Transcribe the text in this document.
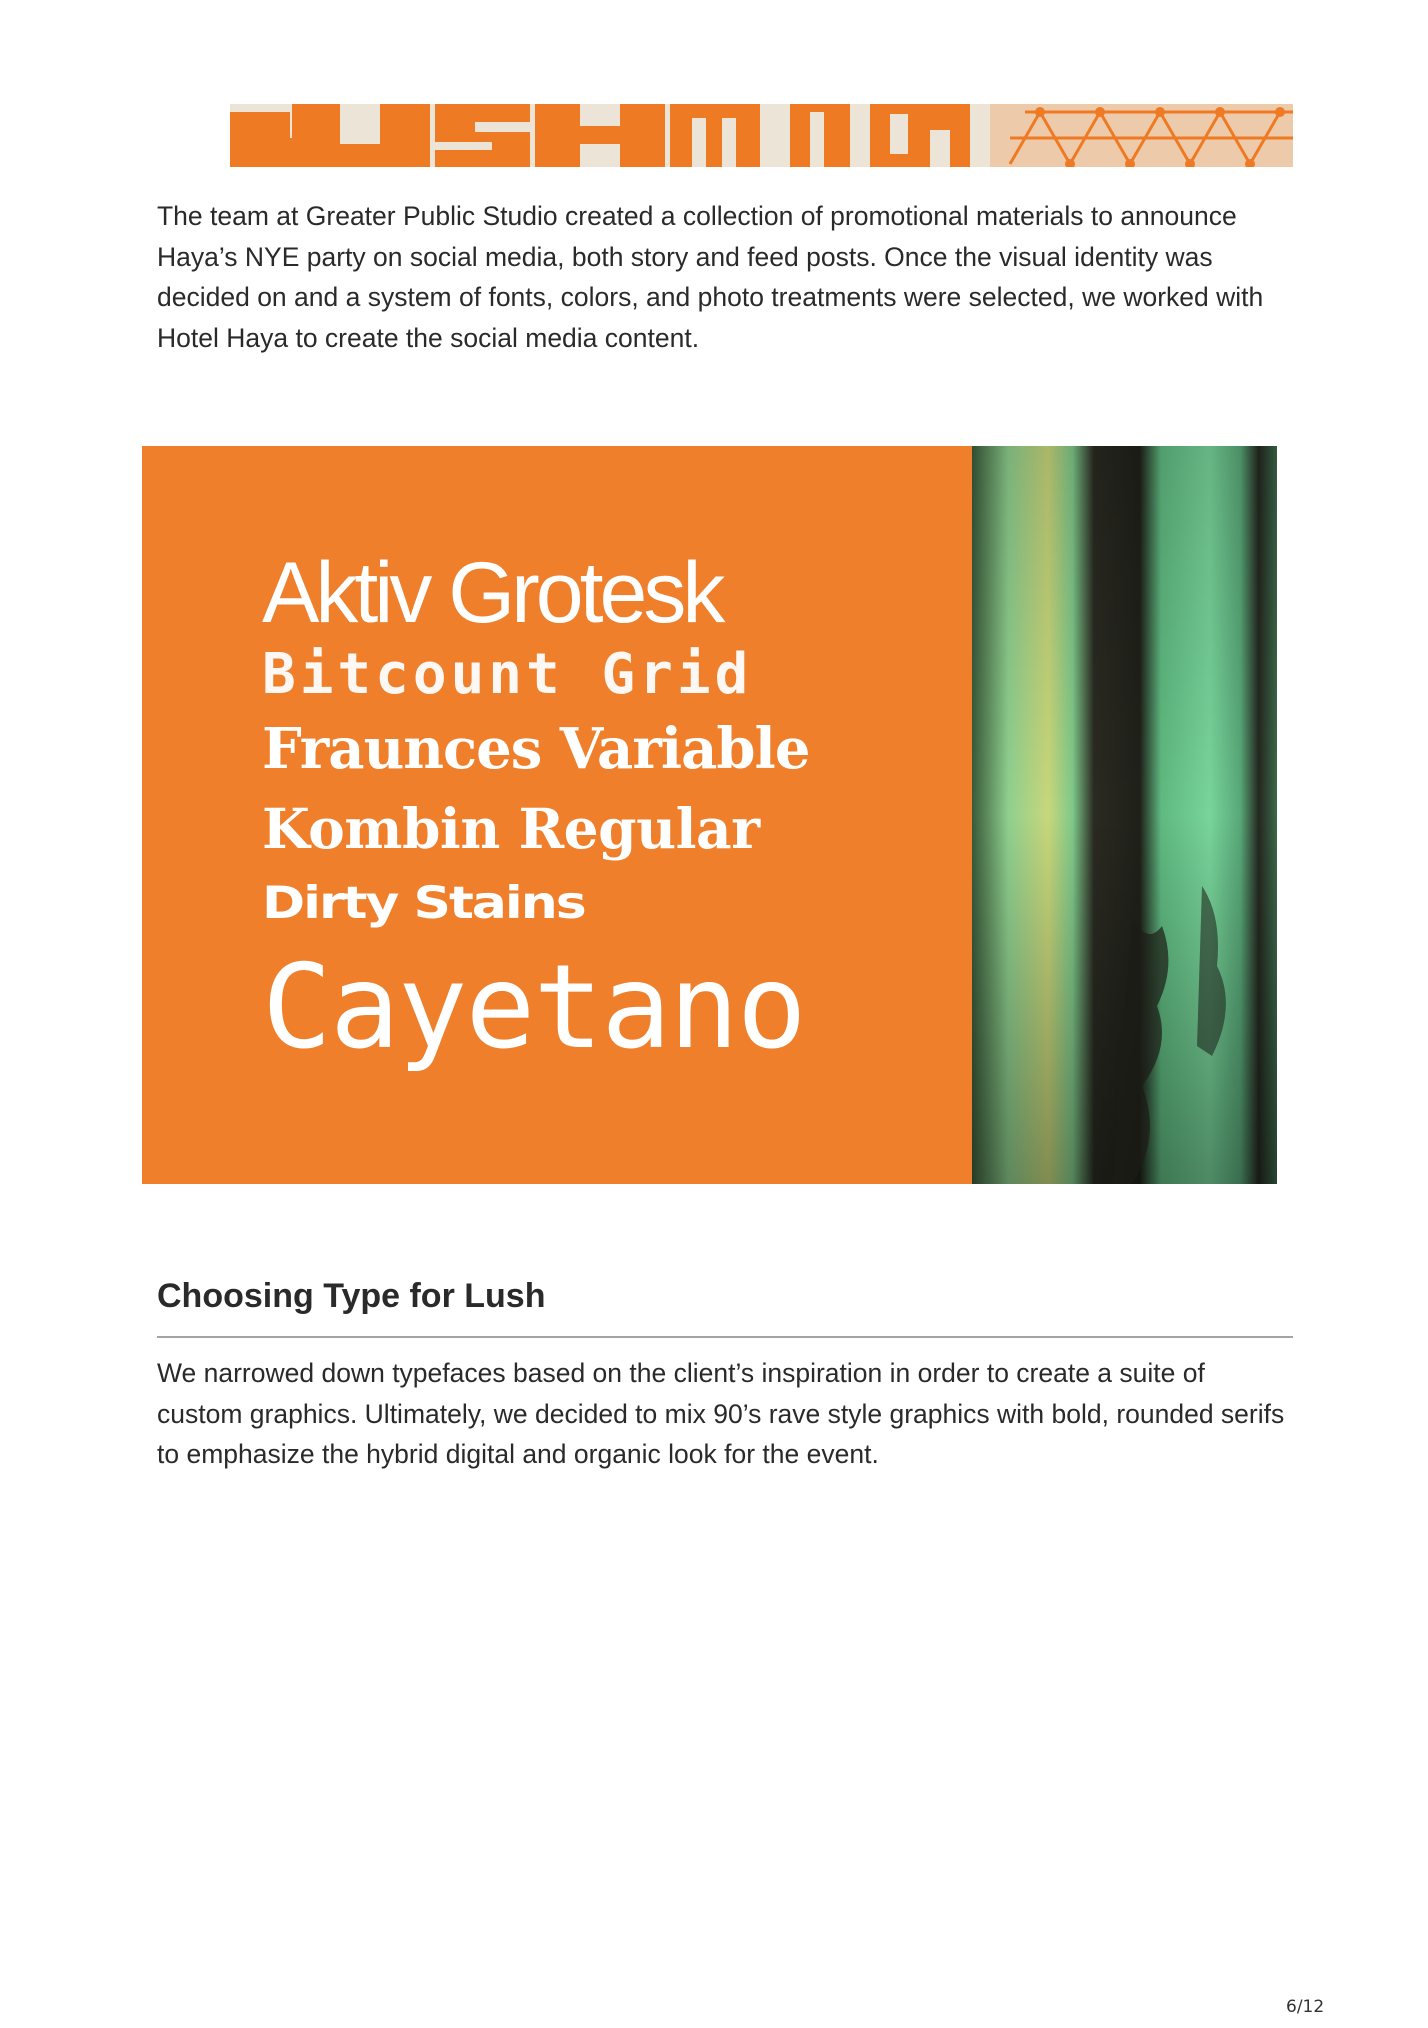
The team at Greater Public Studio created a collection of promotional materials to announce Haya’s NYE party on social media, both story and feed posts. Once the visual identity was decided on and a system of fonts, colors, and photo treatments were selected, we worked with Hotel Haya to create the social media content.

Aktiv Grotesk

Bitcount Grid

Fraunces Variable

Kombin Regular

Dirty Stains

Cayetano

Choosing Type for Lush

We narrowed down typefaces based on the client’s inspiration in order to create a suite of custom graphics. Ultimately, we decided to mix 90’s rave style graphics with bold, rounded serifs to emphasize the hybrid digital and organic look for the event.

6/12
